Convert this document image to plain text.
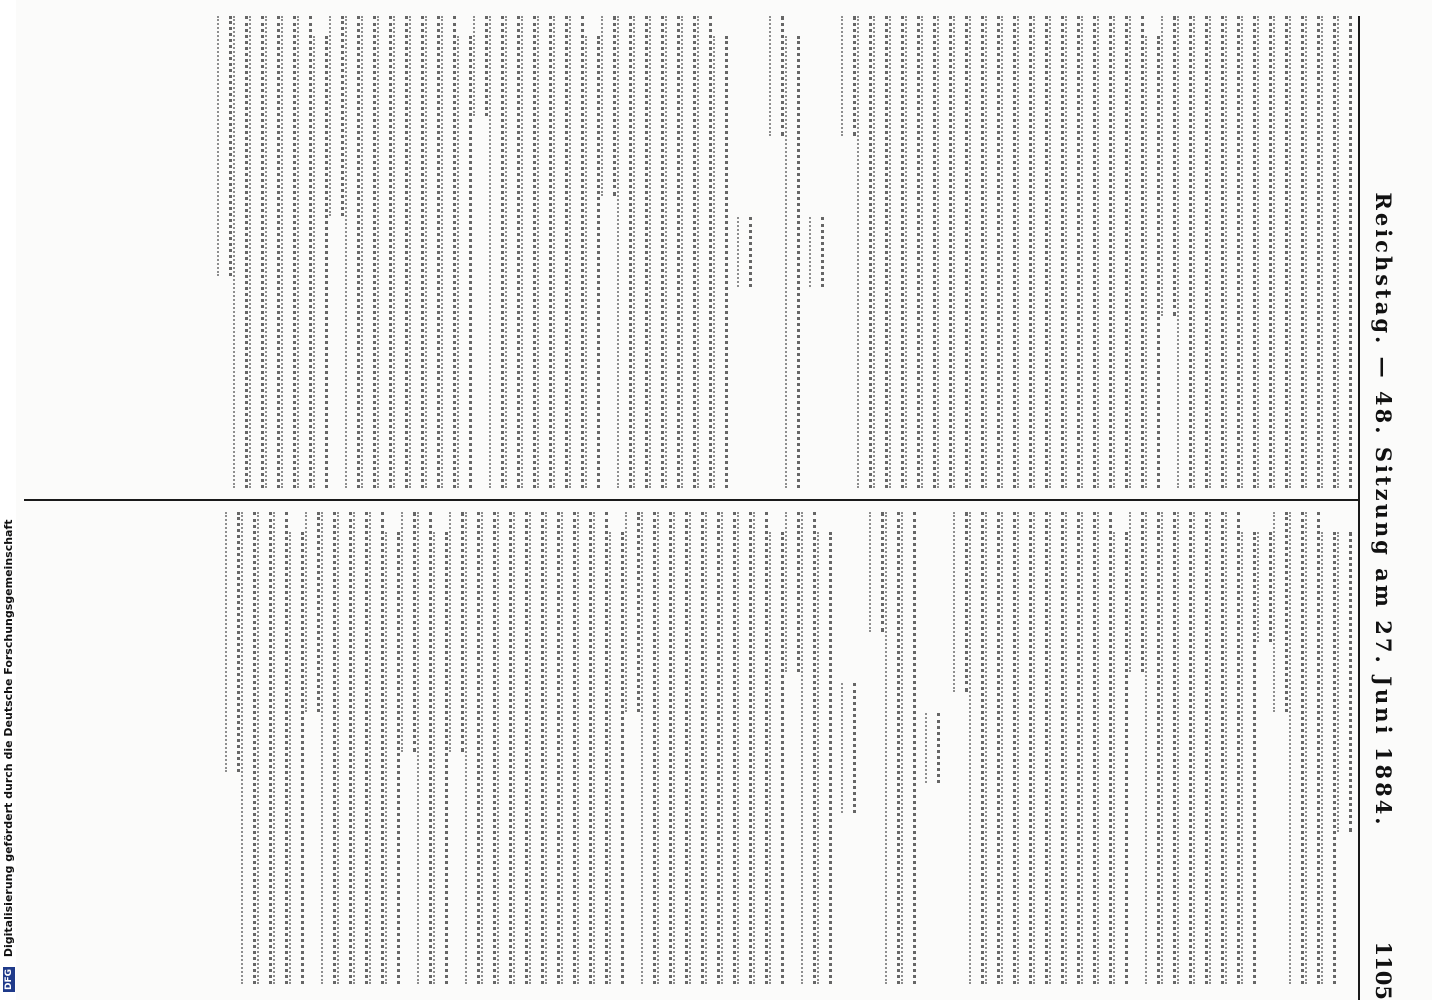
Reichstag. — 48. Sitzung am 27. Juni 1884.
1105
DFG Digitalisierung gefördert durch die Deutsche Forschungsgemeinschaft
